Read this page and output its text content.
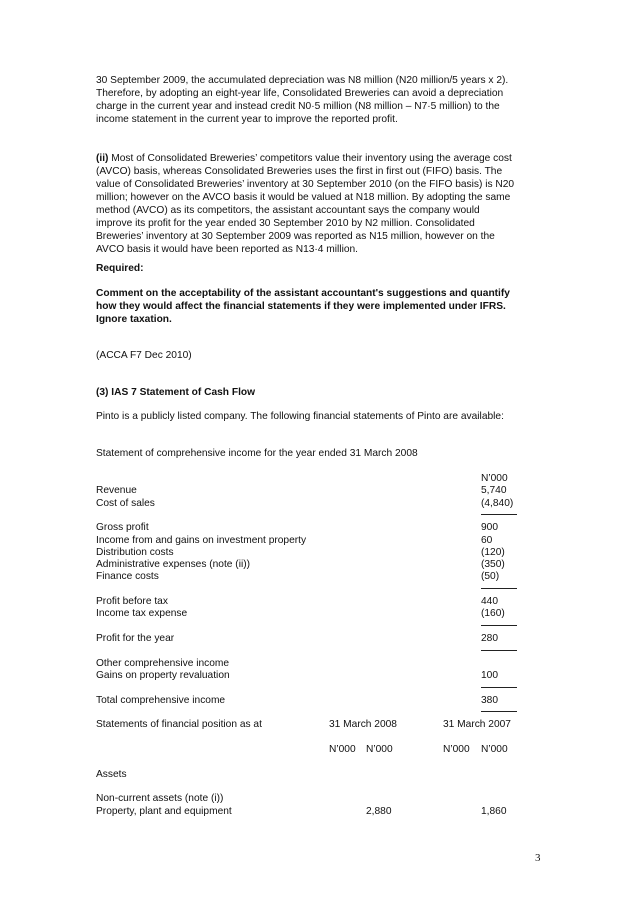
30 September 2009, the accumulated depreciation was N8 million (N20 million/5 years x 2).
Therefore, by adopting an eight-year life, Consolidated Breweries can avoid a depreciation
charge in the current year and instead credit N0·5 million (N8 million – N7·5 million) to the
income statement in the current year to improve the reported profit.
(ii) Most of Consolidated Breweries’ competitors value their inventory using the average cost
(AVCO) basis, whereas Consolidated Breweries uses the first in first out (FIFO) basis. The
value of Consolidated Breweries’ inventory at 30 September 2010 (on the FIFO basis) is N20
million; however on the AVCO basis it would be valued at N18 million. By adopting the same
method (AVCO) as its competitors, the assistant accountant says the company would
improve its profit for the year ended 30 September 2010 by N2 million. Consolidated
Breweries’ inventory at 30 September 2009 was reported as N15 million, however on the
AVCO basis it would have been reported as N13·4 million.
Required:
Comment on the acceptability of the assistant accountant's suggestions and quantify
how they would affect the financial statements if they were implemented under IFRS.
Ignore taxation.
(ACCA F7 Dec 2010)
(3) IAS 7 Statement of Cash Flow
Pinto is a publicly listed company. The following financial statements of Pinto are available:
Statement of comprehensive income for the year ended 31 March 2008
N’000
Revenue	5,740
Cost of sales	(4,840)
Gross profit	900
Income from and gains on investment property	60
Distribution costs	(120)
Administrative expenses (note (ii))	(350)
Finance costs	(50)
Profit before tax	440
Income tax expense	(160)
Profit for the year	280
Other comprehensive income
Gains on property revaluation	100
Total comprehensive income	380
Statements of financial position as at	31 March 2008	31 March 2007
N’000 N’000	N’000 N’000
Assets
Non-current assets (note (i))
Property, plant and equipment	2,880	1,860
3
